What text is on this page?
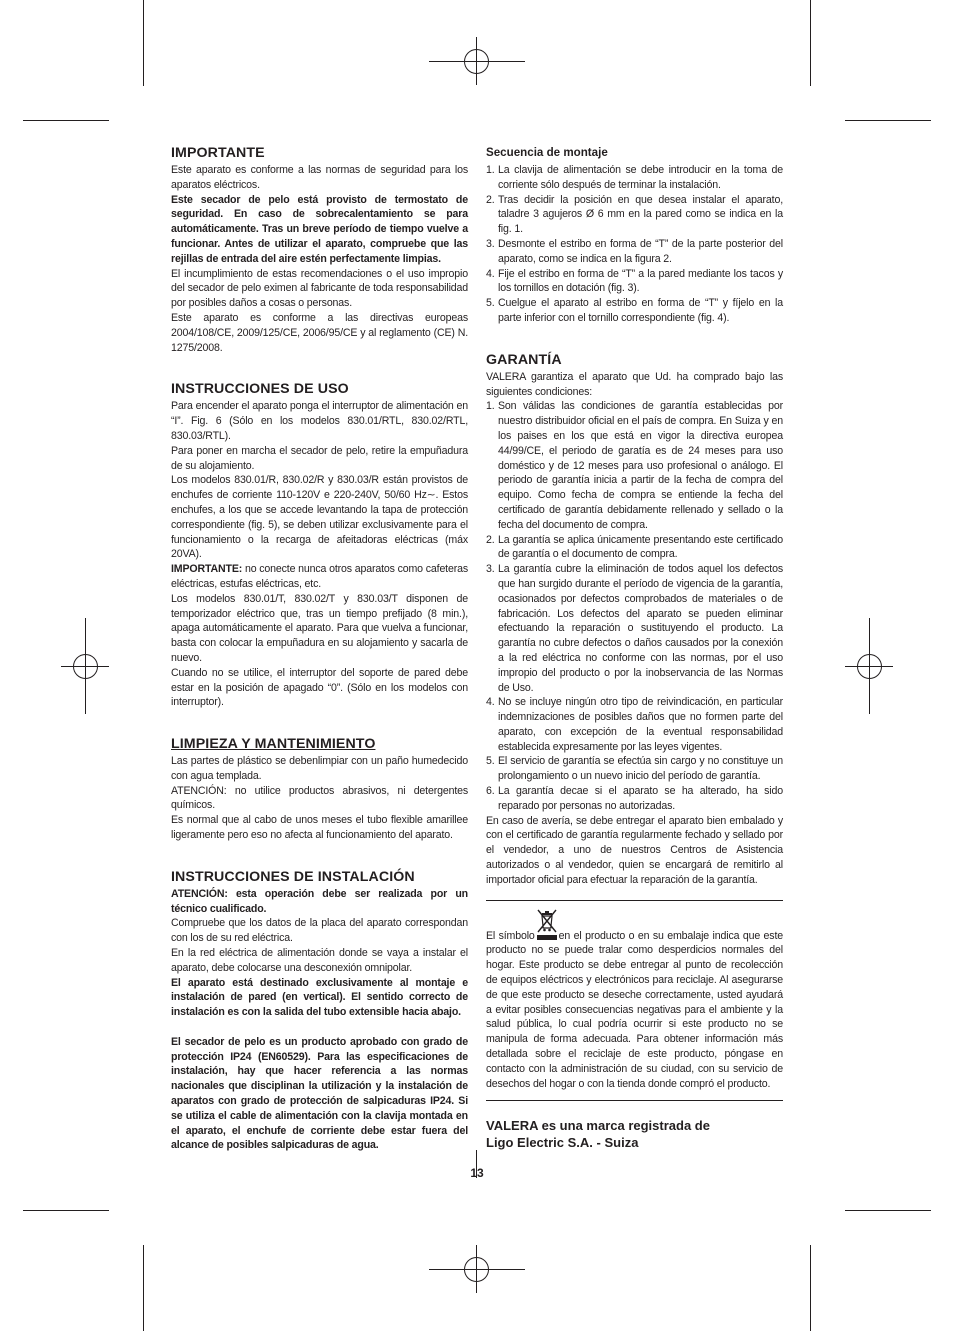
IMPORTANTE

Este aparato es conforme a las normas de seguridad para los aparatos eléctricos.

Este secador de pelo está provisto de termostato de seguridad. En caso de sobrecalentamiento se para automáticamente. Tras un breve período de tiempo vuelve a funcionar. Antes de utilizar el aparato, compruebe que las rejillas de entrada del aire estén perfectamente limpias.

El incumplimiento de estas recomendaciones o el uso impropio del secador de pelo eximen al fabricante de toda responsabilidad por posibles daños a cosas o personas.

Este aparato es conforme a las directivas europeas 2004/108/CE, 2009/125/CE, 2006/95/CE y al reglamento (CE) N. 1275/2008.

INSTRUCCIONES DE USO

Para encender el aparato ponga el interruptor de alimentación en “I”. Fig. 6 (Sólo en los modelos 830.01/RTL, 830.02/RTL, 830.03/RTL).

Para poner en marcha el secador de pelo, retire la empuñadura de su alojamiento.

Los modelos 830.01/R, 830.02/R y 830.03/R están provistos de enchufes de corriente 110-120V e 220-240V, 50/60 Hz∼. Estos enchufes, a los que se accede levantando la tapa de protección correspondiente (fig. 5), se deben utilizar exclusivamente para el funcionamiento o la recarga de afeitadoras eléctricas (máx 20VA).

IMPORTANTE: no conecte nunca otros aparatos como cafeteras eléctricas, estufas eléctricas, etc.

Los modelos 830.01/T, 830.02/T y 830.03/T disponen de temporizador eléctrico que, tras un tiempo prefijado (8 min.), apaga automáticamente el aparato. Para que vuelva a funcionar, basta con colocar la empuñadura en su alojamiento y sacarla de nuevo.

Cuando no se utilice, el interruptor del soporte de pared debe estar en la posición de apagado “0”. (Sólo en los modelos con interruptor).

LIMPIEZA Y MANTENIMIENTO

Las partes de plástico se debenlimpiar con un paño humedecido con agua templada.

ATENCIÓN: no utilice productos abrasivos, ni detergentes químicos.

Es normal que al cabo de unos meses el tubo flexible amarillee ligeramente pero eso no afecta al funcionamiento del aparato.

INSTRUCCIONES DE INSTALACIÓN

ATENCIÓN: esta operación debe ser realizada por un técnico cualificado.

Compruebe que los datos de la placa del aparato correspondan con los de su red eléctrica.

En la red eléctrica de alimentación donde se vaya a instalar el aparato, debe colocarse una desconexión omnipolar.

El aparato está destinado exclusivamente al montaje e instalación de pared (en vertical). El sentido correcto de instalación es con la salida del tubo extensible hacia abajo.

El secador de pelo es un producto aprobado con grado de protección IP24 (EN60529). Para las especificaciones de instalación, hay que hacer referencia a las normas nacionales que disciplinan la utilización y la instalación de aparatos con grado de protección de salpicaduras IP24. Si se utiliza el cable de alimentación con la clavija montada en el aparato, el enchufe de corriente debe estar fuera del alcance de posibles salpicaduras de agua.

Secuencia de montaje
1. La clavija de alimentación se debe introducir en la toma de corriente sólo después de terminar la instalación.
2. Tras decidir la posición en que desea instalar el aparato, taladre 3 agujeros Ø 6 mm en la pared como se indica en la fig. 1.
3. Desmonte el estribo en forma de “T” de la parte posterior del aparato, como se indica en la figura 2.
4. Fije el estribo en forma de “T” a la pared mediante los tacos y los tornillos en dotación (fig. 3).
5. Cuelgue el aparato al estribo en forma de “T” y fíjelo en la parte inferior con el tornillo correspondiente (fig. 4).
GARANTÍA

VALERA garantiza el aparato que Ud. ha comprado bajo las siguientes condiciones:

1. Son válidas las condiciones de garantía establecidas por nuestro distribuidor oficial en el país de compra. En Suiza y en los paises en los que está en vigor la directiva europea 44/99/CE, el periodo de garatía es de 24 meses para uso doméstico y de 12 meses para uso profesional o análogo. El periodo de garantía inicia a partir de la fecha de compra del equipo. Como fecha de compra se entiende la fecha del certificado de garantía debidamente rellenado y sellado o la fecha del documento de compra.
2. La garantía se aplica únicamente presentando este certificado de garantía o el documento de compra.
3. La garantía cubre la eliminación de todos aquel los defectos que han surgido durante el período de vigencia de la garantía, ocasionados por defectos comprobados de materiales o de fabricación. Los defectos del aparato se pueden eliminar efectuando la reparación o sustituyendo el producto. La garantía no cubre defectos o daños causados por la conexión a la red eléctrica no conforme con las normas, por el uso impropio del producto o por la inobservancia de las Normas de Uso.
4. No se incluye ningún otro tipo de reivindicación, en particular indemnizaciones de posibles daños que no formen parte del aparato, con excepción de la eventual responsabilidad establecida expresamente por las leyes vigentes.
5. El servicio de garantía se efectúa sin cargo y no constituye un prolongamiento o un nuevo inicio del período de garantía.
6. La garantía decae si el aparato se ha alterado, ha sido reparado por personas no autorizadas.

En caso de avería, se debe entregar el aparato bien embalado y con el certificado de garantía regularmente fechado y sellado por el vendedor, a uno de nuestros Centros de Asistencia autorizados o al vendedor, quien se encargará de remitirlo al importador oficial para efectuar la reparación de la garantía.

El símbolo en el producto o en su embalaje indica que este producto no se puede tralar como desperdicios normales del hogar. Este producto se debe entregar al punto de recolección de equipos eléctricos y electrónicos para reciclaje. Al asegurarse de que este producto se deseche correctamente, usted ayudará a evitar posibles consecuencias negativas para el ambiente y la salud pública, lo cual podría ocurrir si este producto no se manipula de forma adecuada. Para obtener información más detallada sobre el reciclaje de este producto, póngase en contacto con la administración de su ciudad, con su servicio de desechos del hogar o con la tienda donde compró el producto.

VALERA es una marca registrada de

Ligo Electric S.A. - Suiza

13
